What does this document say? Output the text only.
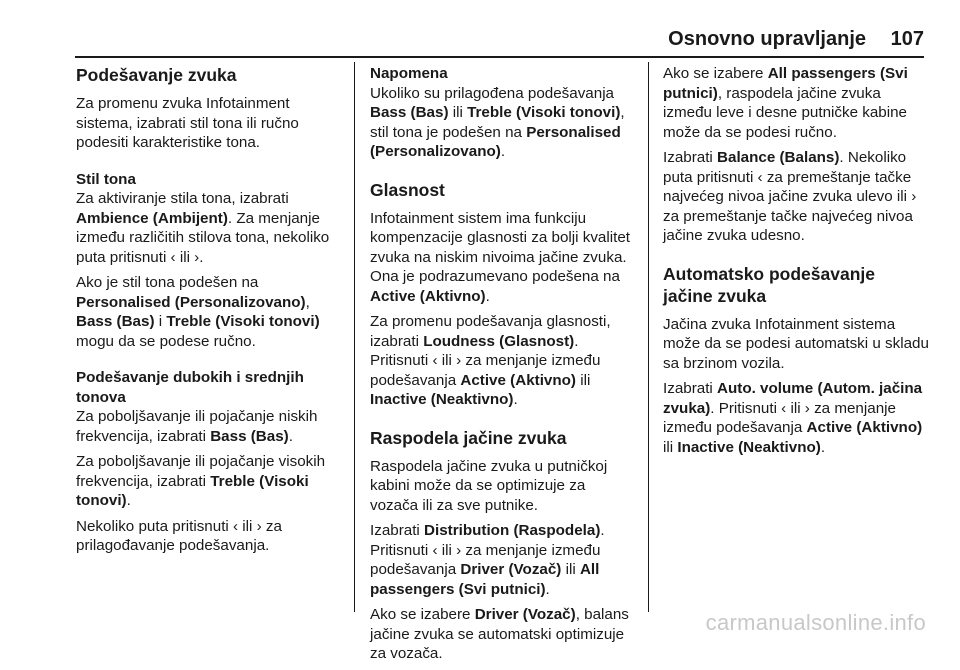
Osnovno upravljanje 107
Podešavanje zvuka

Za promenu zvuka Infotainment sistema, izabrati stil tona ili ručno podesiti karakteristike tona.

Stil tona

Za aktiviranje stila tona, izabrati Ambience (Ambijent). Za menjanje između različitih stilova tona, nekoliko puta pritisnuti ‹ ili ›.

Ako je stil tona podešen na Personalised (Personalizovano), Bass (Bas) i Treble (Visoki tonovi) mogu da se podese ručno.

Podešavanje dubokih i srednjih tonova

Za poboljšavanje ili pojačanje niskih frekvencija, izabrati Bass (Bas).

Za poboljšavanje ili pojačanje visokih frekvencija, izabrati Treble (Visoki tonovi).

Nekoliko puta pritisnuti ‹ ili › za prilagođavanje podešavanja.

Napomena

Ukoliko su prilagođena podešavanja Bass (Bas) ili Treble (Visoki tonovi), stil tona je podešen na Personalised (Personalizovano).

Glasnost

Infotainment sistem ima funkciju kompenzacije glasnosti za bolji kvalitet zvuka na niskim nivoima jačine zvuka. Ona je podrazumevano podešena na Active (Aktivno).

Za promenu podešavanja glasnosti, izabrati Loudness (Glasnost). Pritisnuti ‹ ili › za menjanje između podešavanja Active (Aktivno) ili Inactive (Neaktivno).

Raspodela jačine zvuka

Raspodela jačine zvuka u putničkoj kabini može da se optimizuje za vozača ili za sve putnike.

Izabrati Distribution (Raspodela). Pritisnuti ‹ ili › za menjanje između podešavanja Driver (Vozač) ili All passengers (Svi putnici).

Ako se izabere Driver (Vozač), balans jačine zvuka se automatski optimizuje za vozača.

Ako se izabere All passengers (Svi putnici), raspodela jačine zvuka između leve i desne putničke kabine može da se podesi ručno.

Izabrati Balance (Balans). Nekoliko puta pritisnuti ‹ za premeštanje tačke najvećeg nivoa jačine zvuka ulevo ili › za premeštanje tačke najvećeg nivoa jačine zvuka udesno.

Automatsko podešavanje jačine zvuka

Jačina zvuka Infotainment sistema može da se podesi automatski u skladu sa brzinom vozila.

Izabrati Auto. volume (Autom. jačina zvuka). Pritisnuti ‹ ili › za menjanje između podešavanja Active (Aktivno) ili Inactive (Neaktivno).

carmanualsonline.info
